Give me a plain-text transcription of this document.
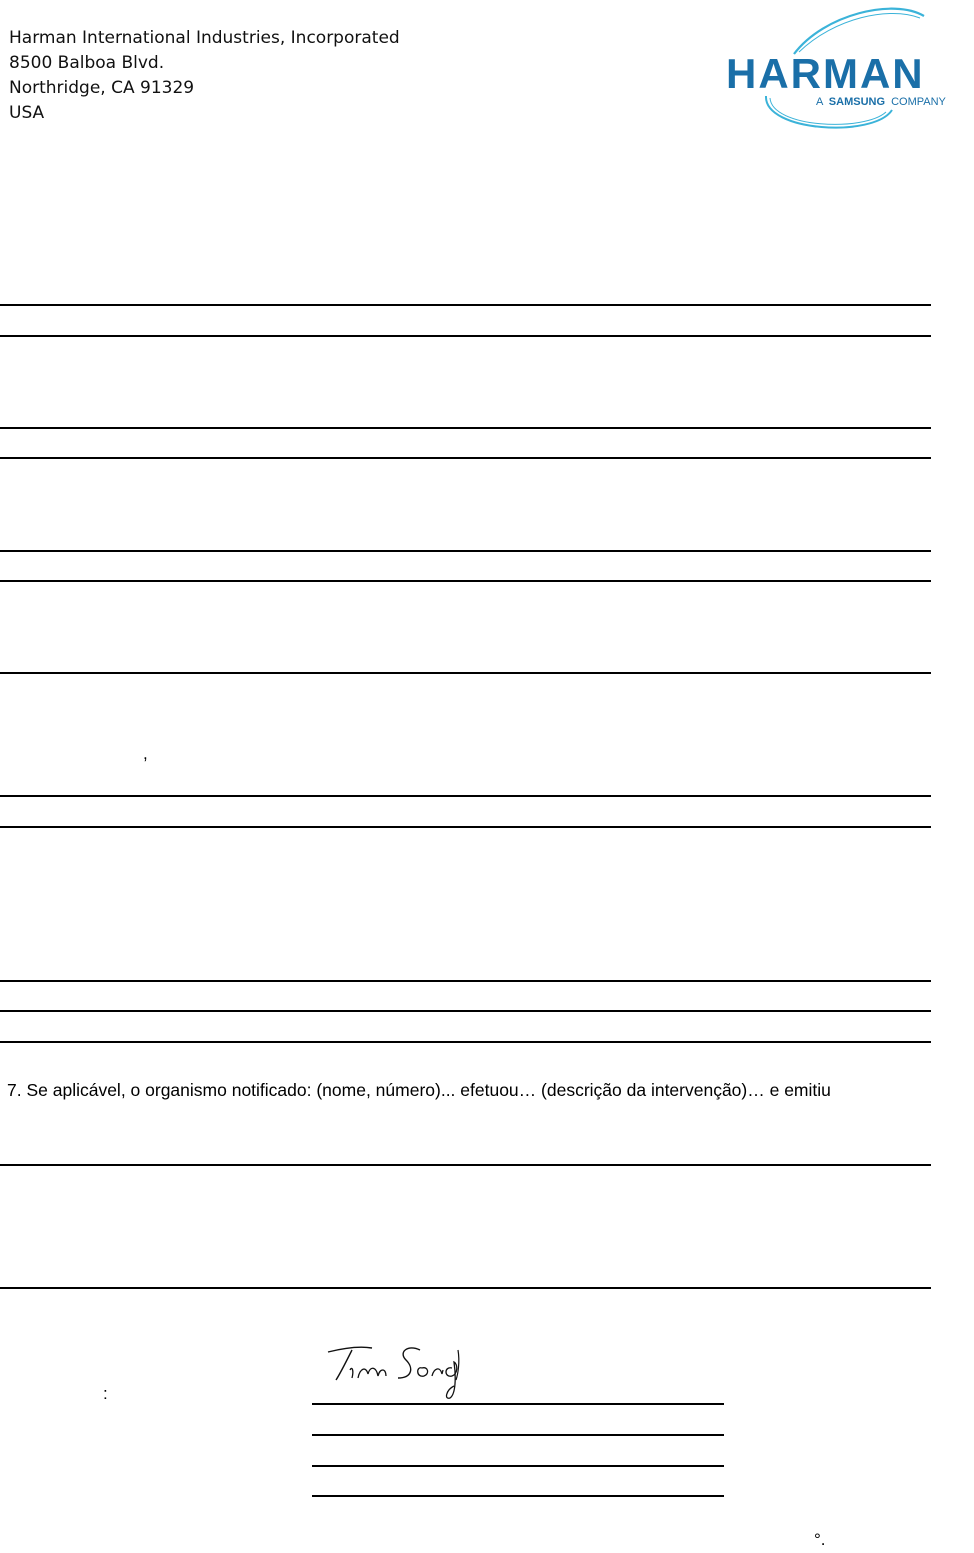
Harman International Industries, Incorporated
8500 Balboa Blvd.
Northridge, CA 91329
USA
HARMAN
A SAMSUNG COMPANY
,
7. Se aplicável, o organismo notificado: (nome, número)... efetuou… (descrição da intervenção)… e emitiu
:
°.
